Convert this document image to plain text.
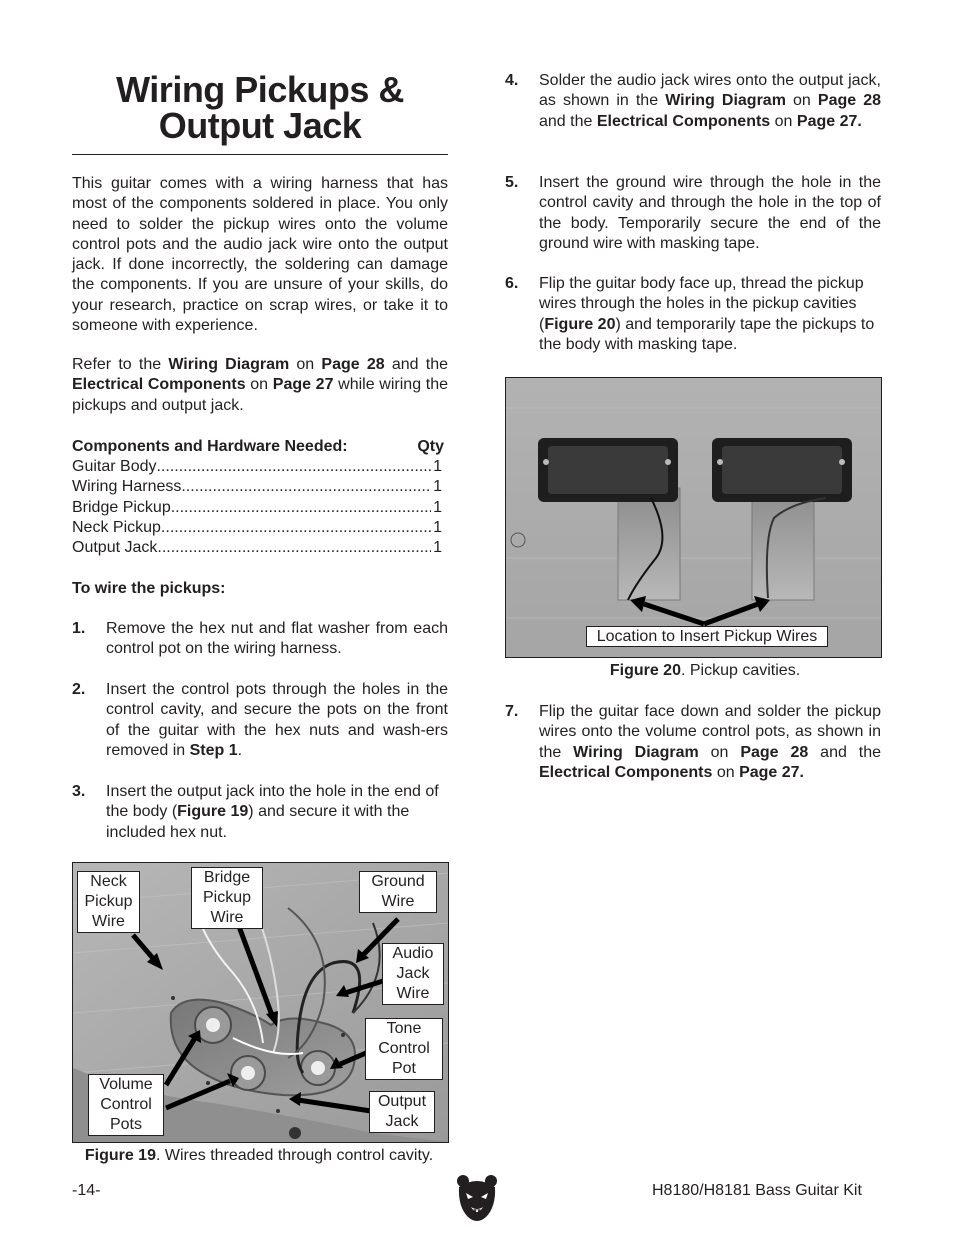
Wiring Pickups &
Output Jack

This guitar comes with a wiring harness that has most of the components soldered in place. You only need to solder the pickup wires onto the volume control pots and the audio jack wire onto the output jack. If done incorrectly, the soldering can damage the components. If you are unsure of your skills, do your research, practice on scrap wires, or take it to someone with experience.

Refer to the Wiring Diagram on Page 28 and the Electrical Components on Page 27 while wiring the pickups and output jack.

Components and Hardware Needed:	Qty
Guitar Body .....	1
Wiring Harness .....	1
Bridge Pickup .....	1
Neck Pickup .....	1
Output Jack .....	1

To wire the pickups:

1. Remove the hex nut and flat washer from each control pot on the wiring harness.
2. Insert the control pots through the holes in the control cavity, and secure the pots on the front of the guitar with the hex nuts and wash-ers removed in Step 1.
3. Insert the output jack into the hole in the end of the body (Figure 19) and secure it with the included hex nut.
Neck
Pickup
Wire
Bridge
Pickup
Wire
Ground
Wire
Audio
Jack
Wire
Tone
Control
Pot
Output
Jack
Volume
Control
Pots
Figure 19. Wires threaded through control cavity.
4. Solder the audio jack wires onto the output jack, as shown in the Wiring Diagram on Page 28 and the Electrical Components on Page 27.
5. Insert the ground wire through the hole in the control cavity and through the hole in the top of the body. Temporarily secure the end of the ground wire with masking tape.
6. Flip the guitar body face up, thread the pickup wires through the holes in the pickup cavities (Figure 20) and temporarily tape the pickups to the body with masking tape.
Location to Insert Pickup Wires
Figure 20. Pickup cavities.
7. Flip the guitar face down and solder the pickup wires onto the volume control pots, as shown in the Wiring Diagram on Page 28 and the Electrical Components on Page 27.
-14-	H8180/H8181 Bass Guitar Kit
